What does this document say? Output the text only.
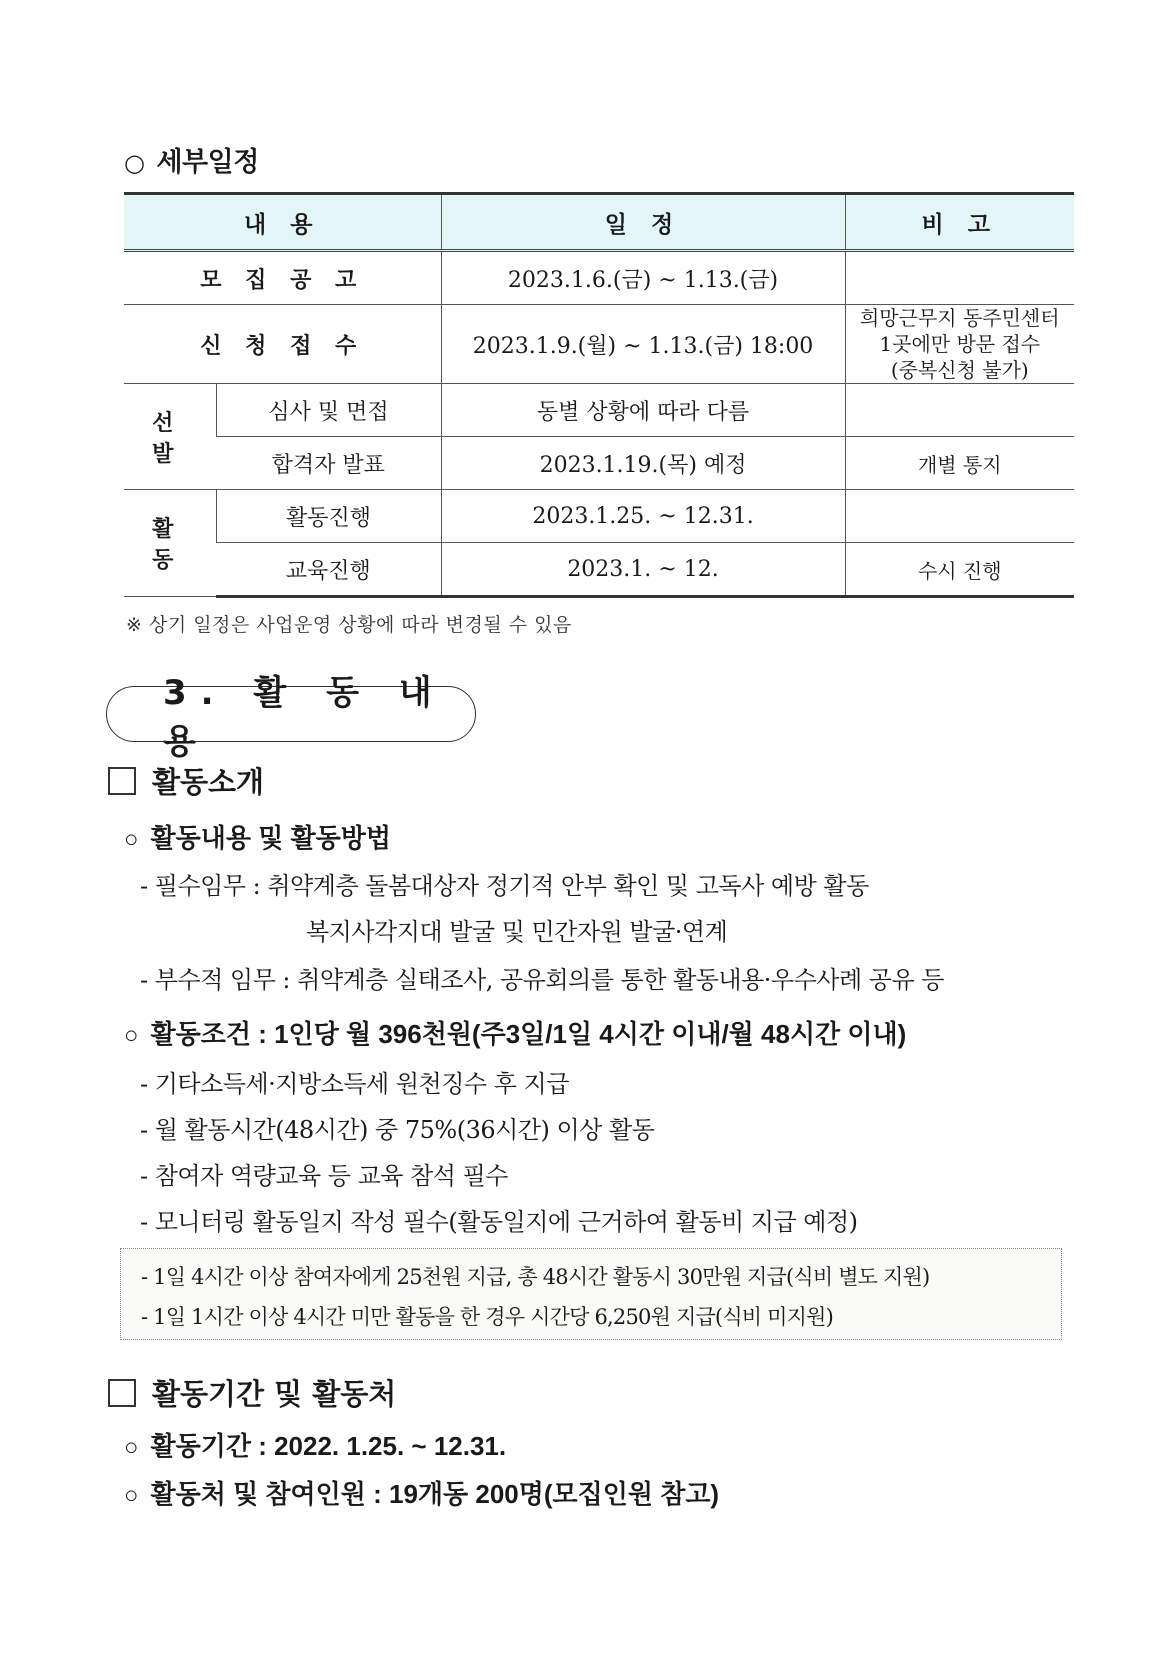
○ 세부일정
내 용		일 정	비 고
모 집 공 고		2023.1.6.(금) ~ 1.13.(금)	
신 청 접 수		2023.1.9.(월) ~ 1.13.(금) 18:00	희망근무지 동주민센터
1곳에만 방문 접수
(중복신청 불가)

선 발	심사 및 면접	동별 상황에 따라 다름	
	합격자 발표	2023.1.19.(목) 예정	개별 통지
활 동	활동진행	2023.1.25. ~ 12.31.	
	교육진행	2023.1. ~ 12.	수시 진행
※ 상기 일정은 사업운영 상황에 따라 변경될 수 있음
3. 활 동 내 용
활동소개
○ 활동내용 및 활동방법
- 필수임무 : 취약계층 돌봄대상자 정기적 안부 확인 및 고독사 예방 활동
복지사각지대 발굴 및 민간자원 발굴·연계
- 부수적 임무 : 취약계층 실태조사, 공유회의를 통한 활동내용·우수사례 공유 등
○ 활동조건 : 1인당 월 396천원(주3일/1일 4시간 이내/월 48시간 이내)
- 기타소득세·지방소득세 원천징수 후 지급
- 월 활동시간(48시간) 중 75%(36시간) 이상 활동
- 참여자 역량교육 등 교육 참석 필수
- 모니터링 활동일지 작성 필수(활동일지에 근거하여 활동비 지급 예정)
- 1일 4시간 이상 참여자에게 25천원 지급, 총 48시간 활동시 30만원 지급(식비 별도 지원)
- 1일 1시간 이상 4시간 미만 활동을 한 경우 시간당 6,250원 지급(식비 미지원)
활동기간 및 활동처
○ 활동기간 : 2022. 1.25. ~ 12.31.
○ 활동처 및 참여인원 : 19개동 200명(모집인원 참고)
